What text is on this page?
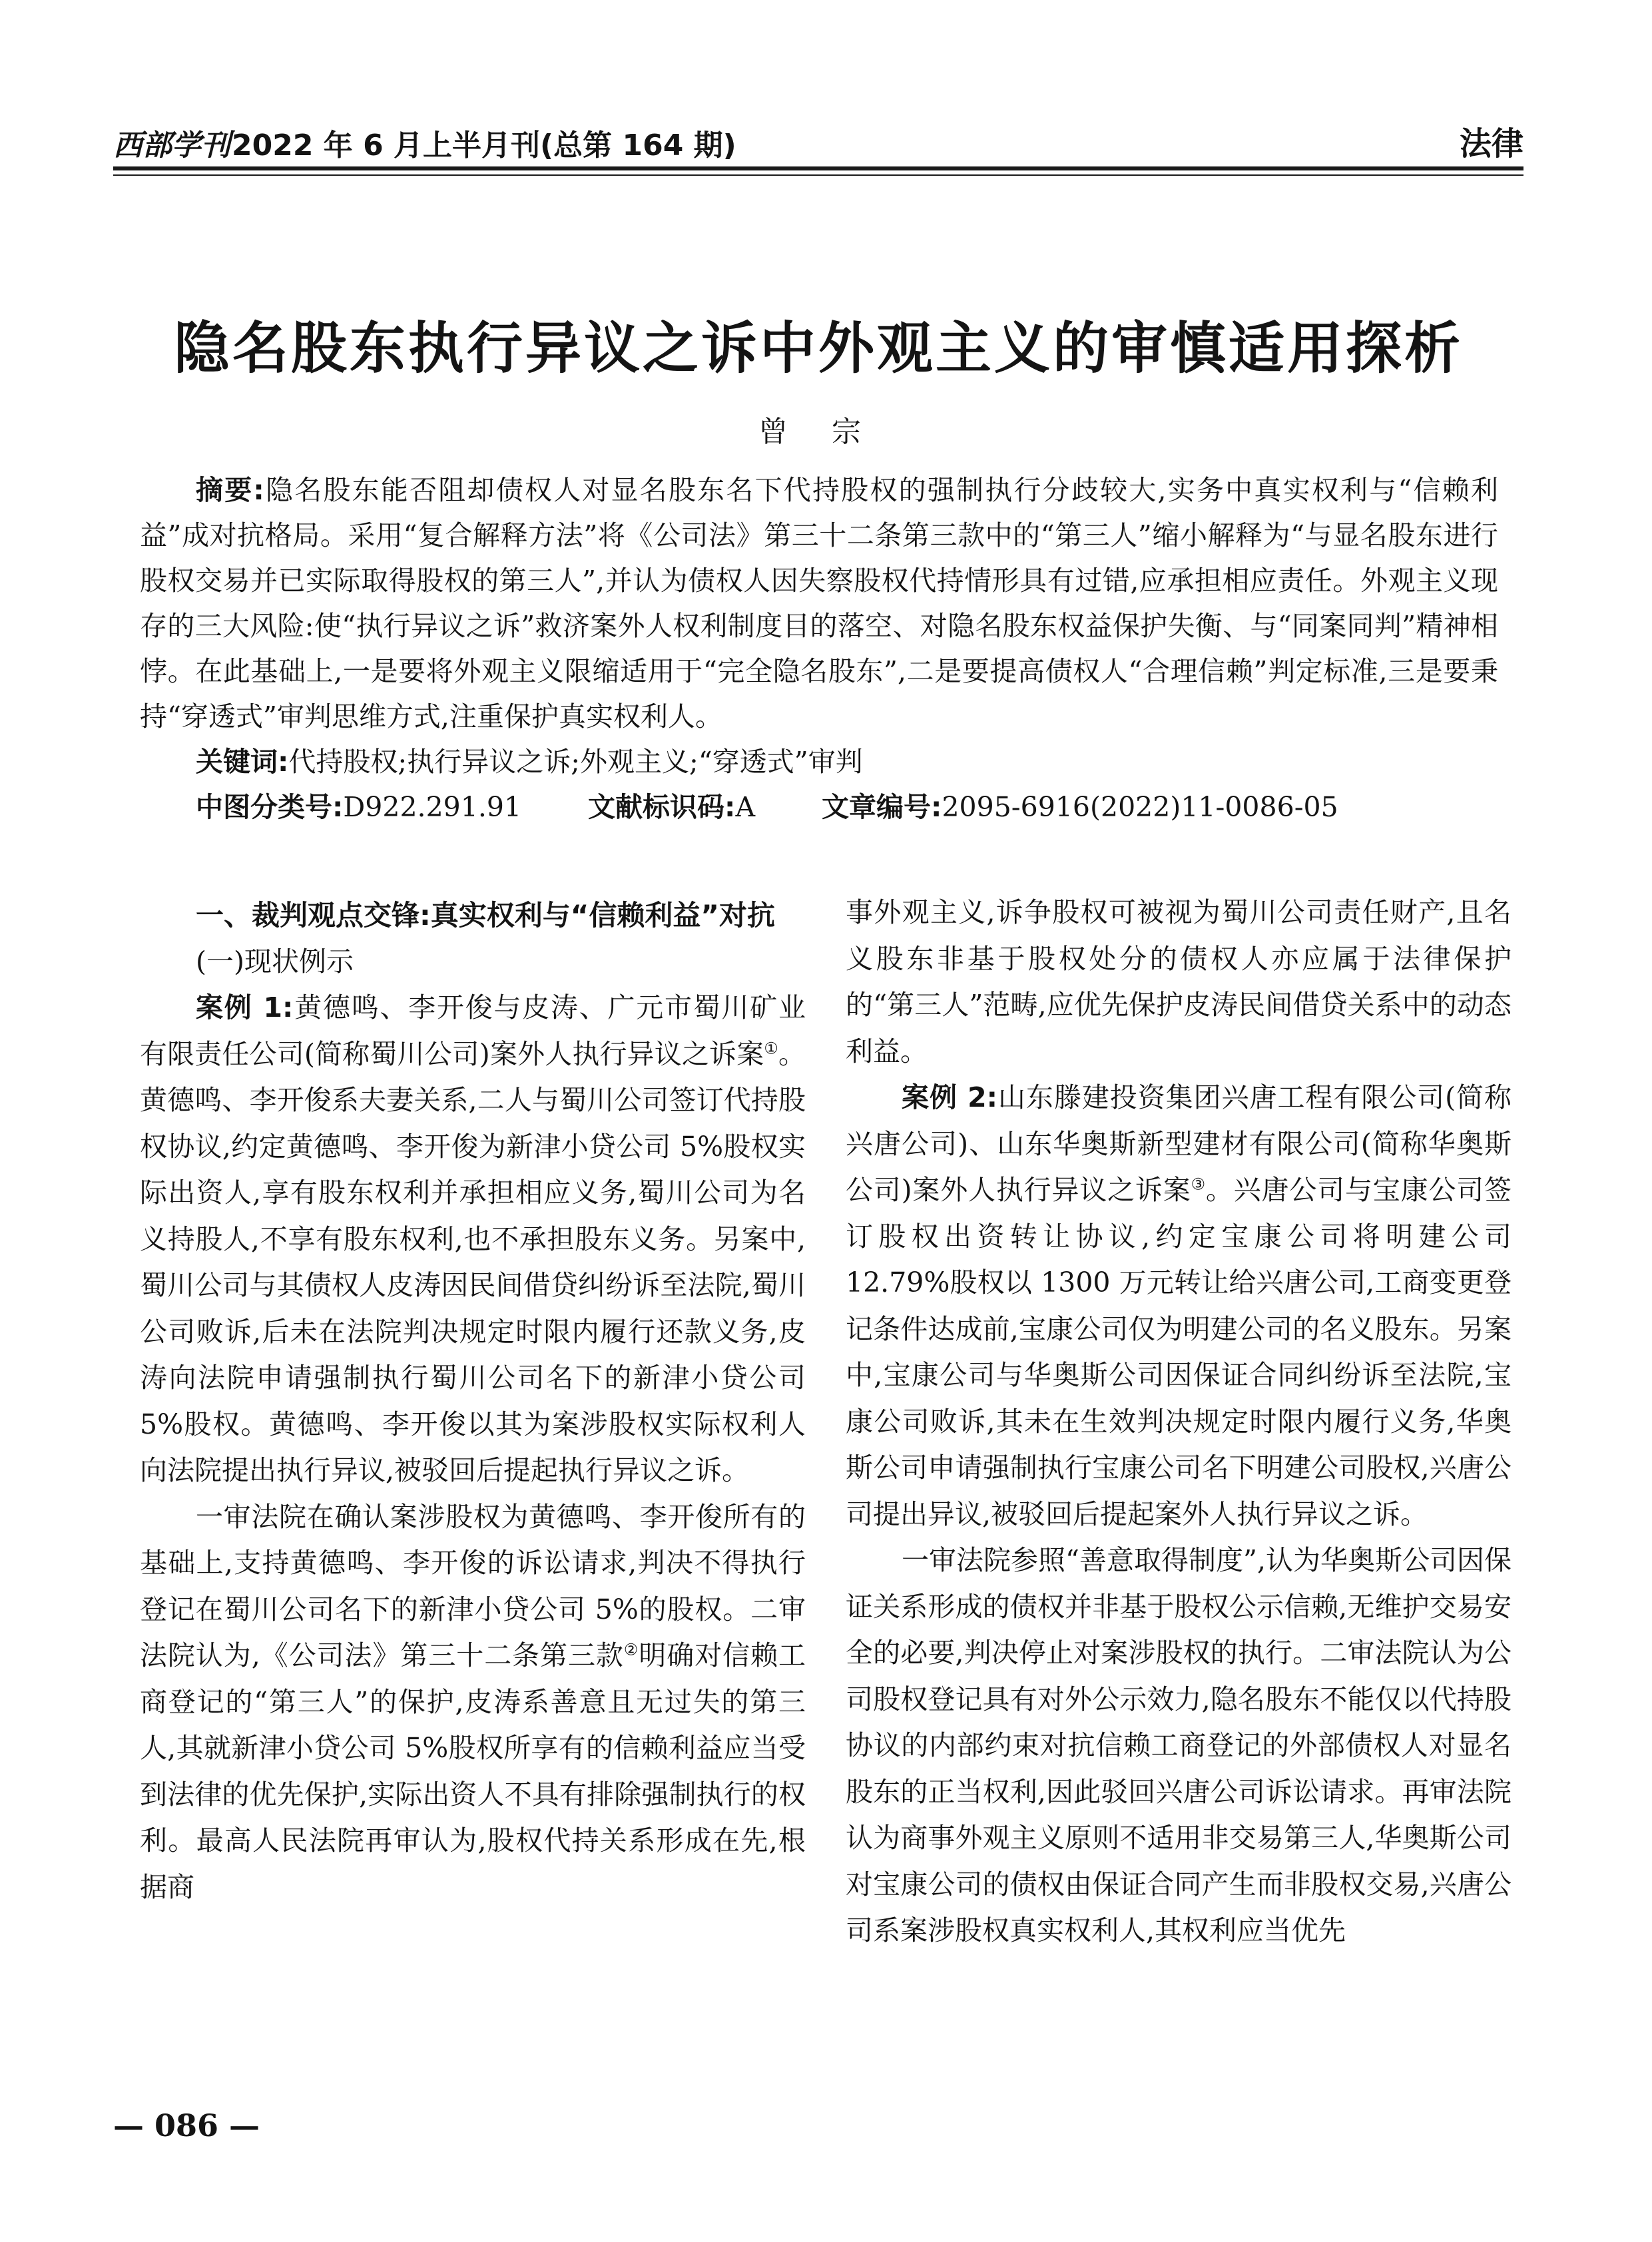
西部学刊2022 年 6 月上半月刊(总第 164 期)	法律
隐名股东执行异议之诉中外观主义的审慎适用探析
曾 宗

摘要:隐名股东能否阻却债权人对显名股东名下代持股权的强制执行分歧较大,实务中真实权利与“信赖利益”成对抗格局。采用“复合解释方法”将《公司法》第三十二条第三款中的“第三人”缩小解释为“与显名股东进行股权交易并已实际取得股权的第三人”,并认为债权人因失察股权代持情形具有过错,应承担相应责任。外观主义现存的三大风险:使“执行异议之诉”救济案外人权利制度目的落空、对隐名股东权益保护失衡、与“同案同判”精神相悖。在此基础上,一是要将外观主义限缩适用于“完全隐名股东”,二是要提高债权人“合理信赖”判定标准,三是要秉持“穿透式”审判思维方式,注重保护真实权利人。

关键词:代持股权;执行异议之诉;外观主义;“穿透式”审判

中图分类号:D922.291.91 文献标识码:A 文章编号:2095-6916(2022)11-0086-05

一、裁判观点交锋:真实权利与“信赖利益”对抗

(一)现状例示

案例 1:黄德鸣、李开俊与皮涛、广元市蜀川矿业有限责任公司(简称蜀川公司)案外人执行异议之诉案①。黄德鸣、李开俊系夫妻关系,二人与蜀川公司签订代持股权协议,约定黄德鸣、李开俊为新津小贷公司 5%股权实际出资人,享有股东权利并承担相应义务,蜀川公司为名义持股人,不享有股东权利,也不承担股东义务。另案中,蜀川公司与其债权人皮涛因民间借贷纠纷诉至法院,蜀川公司败诉,后未在法院判决规定时限内履行还款义务,皮涛向法院申请强制执行蜀川公司名下的新津小贷公司 5%股权。黄德鸣、李开俊以其为案涉股权实际权利人向法院提出执行异议,被驳回后提起执行异议之诉。

一审法院在确认案涉股权为黄德鸣、李开俊所有的基础上,支持黄德鸣、李开俊的诉讼请求,判决不得执行登记在蜀川公司名下的新津小贷公司 5%的股权。二审法院认为,《公司法》第三十二条第三款②明确对信赖工商登记的“第三人”的保护,皮涛系善意且无过失的第三人,其就新津小贷公司 5%股权所享有的信赖利益应当受到法律的优先保护,实际出资人不具有排除强制执行的权利。最高人民法院再审认为,股权代持关系形成在先,根据商

事外观主义,诉争股权可被视为蜀川公司责任财产,且名义股东非基于股权处分的债权人亦应属于法律保护的“第三人”范畴,应优先保护皮涛民间借贷关系中的动态利益。

案例 2:山东滕建投资集团兴唐工程有限公司(简称兴唐公司)、山东华奥斯新型建材有限公司(简称华奥斯公司)案外人执行异议之诉案③。兴唐公司与宝康公司签订股权出资转让协议,约定宝康公司将明建公司 12.79%股权以 1300 万元转让给兴唐公司,工商变更登记条件达成前,宝康公司仅为明建公司的名义股东。另案中,宝康公司与华奥斯公司因保证合同纠纷诉至法院,宝康公司败诉,其未在生效判决规定时限内履行义务,华奥斯公司申请强制执行宝康公司名下明建公司股权,兴唐公司提出异议,被驳回后提起案外人执行异议之诉。

一审法院参照“善意取得制度”,认为华奥斯公司因保证关系形成的债权并非基于股权公示信赖,无维护交易安全的必要,判决停止对案涉股权的执行。二审法院认为公司股权登记具有对外公示效力,隐名股东不能仅以代持股协议的内部约束对抗信赖工商登记的外部债权人对显名股东的正当权利,因此驳回兴唐公司诉讼请求。再审法院认为商事外观主义原则不适用非交易第三人,华奥斯公司对宝康公司的债权由保证合同产生而非股权交易,兴唐公司系案涉股权真实权利人,其权利应当优先

— 086 —
